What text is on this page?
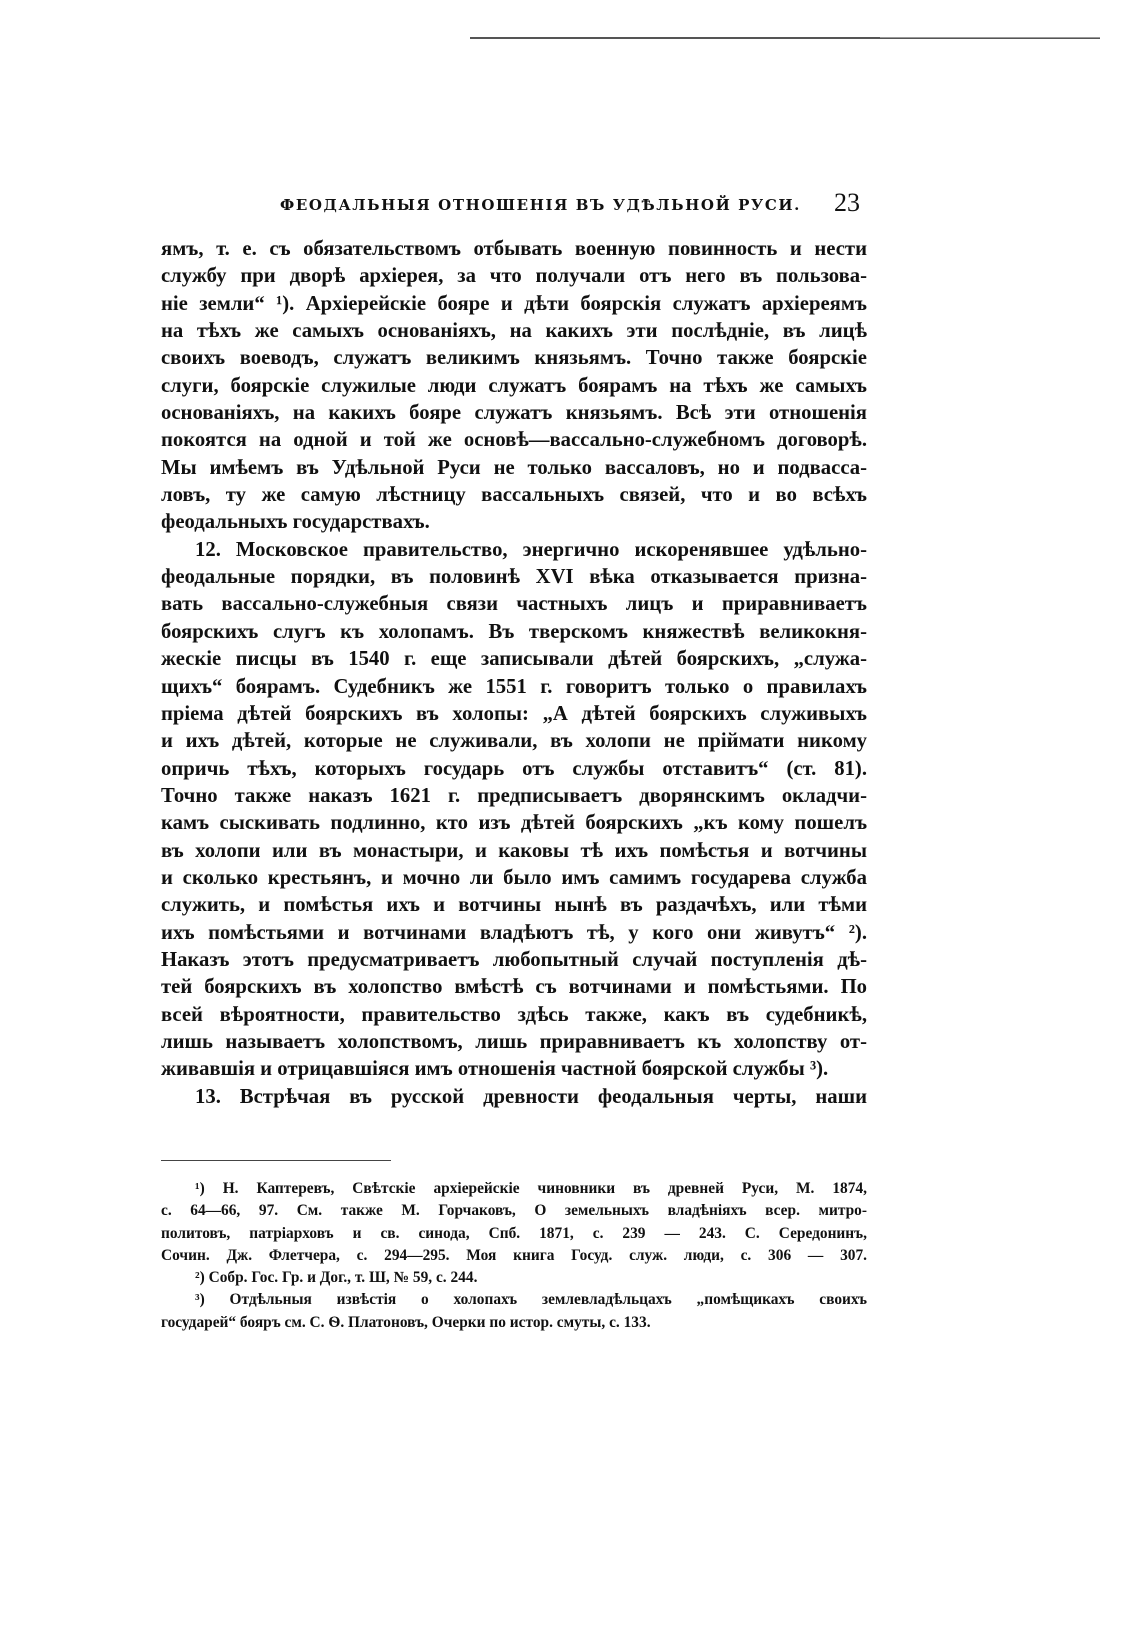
ФЕОДАЛЬНЫЯ ОТНОШЕНІЯ ВЪ УДѢЛЬНОЙ РУСИ. 23
ямъ, т. е. съ обязательствомъ отбывать военную повинность и нести
службу при дворѣ архіерея, за что получали отъ него въ пользова-
ніе земли“ ¹). Архіерейскіе бояре и дѣти боярскія служатъ архіереямъ
на тѣхъ же самыхъ основаніяхъ, на какихъ эти послѣдніе, въ лицѣ
своихъ воеводъ, служатъ великимъ князьямъ. Точно также боярскіе
слуги, боярскіе служилые люди служатъ боярамъ на тѣхъ же самыхъ
основаніяхъ, на какихъ бояре служатъ князьямъ. Всѣ эти отношенія
покоятся на одной и той же основѣ—вассально-служебномъ договорѣ.
Мы имѣемъ въ Удѣльной Руси не только вассаловъ, но и подвасса-
ловъ, ту же самую лѣстницу вассальныхъ связей, что и во всѣхъ
феодальныхъ государствахъ.
12. Московское правительство, энергично искоренявшее удѣльно-
феодальные порядки, въ половинѣ XVI вѣка отказывается призна-
вать вассально-служебныя связи частныхъ лицъ и приравниваетъ
боярскихъ слугъ къ холопамъ. Въ тверскомъ княжествѣ великокня-
жескіе писцы въ 1540 г. еще записывали дѣтей боярскихъ, „служа-
щихъ“ боярамъ. Судебникъ же 1551 г. говоритъ только о правилахъ
пріема дѣтей боярскихъ въ холопы: „А дѣтей боярскихъ служивыхъ
и ихъ дѣтей, которые не служивали, въ холопи не пріймати никому
опричь тѣхъ, которыхъ государь отъ службы отставитъ“ (ст. 81).
Точно также наказъ 1621 г. предписываетъ дворянскимъ окладчи-
камъ сыскивать подлинно, кто изъ дѣтей боярскихъ „къ кому пошелъ
въ холопи или въ монастыри, и каковы тѣ ихъ помѣстья и вотчины
и сколько крестьянъ, и мочно ли было имъ самимъ государева служба
служить, и помѣстья ихъ и вотчины нынѣ въ раздачѣхъ, или тѣми
ихъ помѣстьями и вотчинами владѣютъ тѣ, у кого они живутъ“ ²).
Наказъ этотъ предусматриваетъ любопытный случай поступленія дѣ-
тей боярскихъ въ холопство вмѣстѣ съ вотчинами и помѣстьями. По
всей вѣроятности, правительство здѣсь также, какъ въ судебникѣ,
лишь называетъ холопствомъ, лишь приравниваетъ къ холопству от-
живавшія и отрицавшіяся имъ отношенія частной боярской службы ³).
13. Встрѣчая въ русской древности феодальныя черты, наши
¹) Н. Каптеревъ, Свѣтскіе архіерейскіе чиновники въ древней Руси, М. 1874,
с. 64—66, 97. См. также М. Горчаковъ, О земельныхъ владѣніяхъ всер. митро-
политовъ, патріарховъ и св. синода, Спб. 1871, с. 239 — 243. С. Середонинъ,
Сочин. Дж. Флетчера, с. 294—295. Моя книга Госуд. служ. люди, с. 306 — 307.
²) Собр. Гос. Гр. и Дог., т. Ш, № 59, с. 244.
³) Отдѣльныя извѣстія о холопахъ землевладѣльцахъ „помѣщикахъ своихъ
государей“ бояръ см. С. Ѳ. Платоновъ, Очерки по истор. смуты, с. 133.
